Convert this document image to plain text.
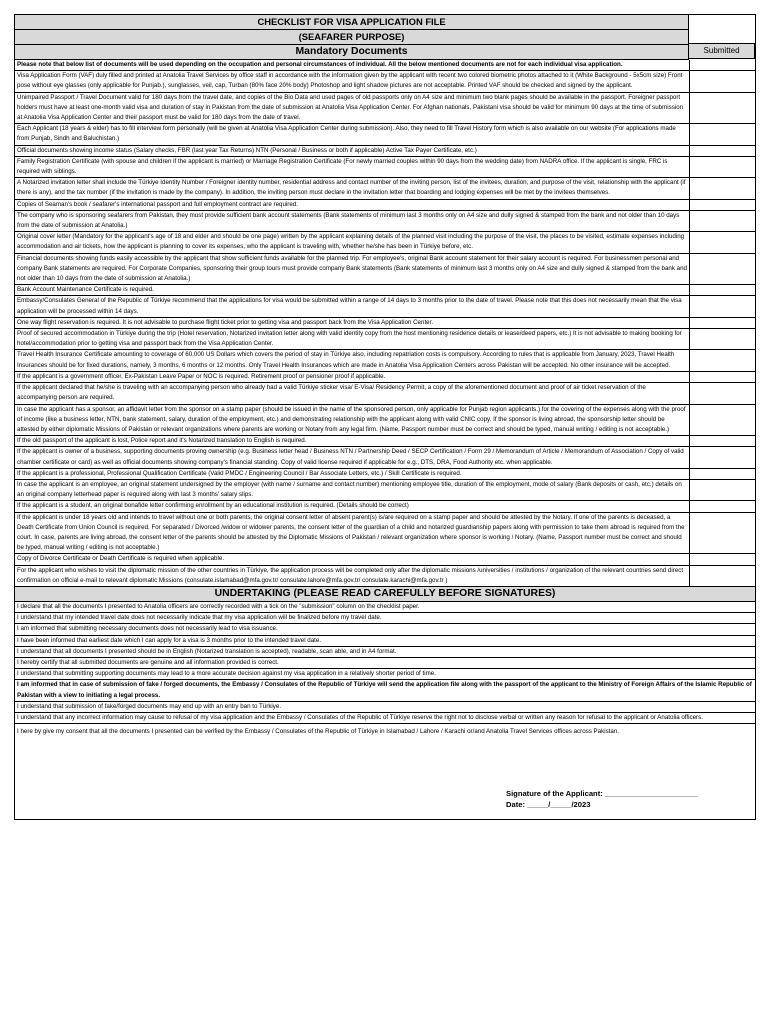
CHECKLIST FOR VISA APPLICATION FILE
(SEAFARER PURPOSE)
Mandatory Documents	Submitted
Please note that below list of documents will be used depending on the occupation and personal circumstances of individual. All the below mentioned documents are not for each individual visa application.
Visa Application Form (VAF) duly filled and printed at Anatolia Travel Services by office staff in accordance with the information given by the applicant with recent two colored biometric photos attached to it (White Background - 5x5cm size) Front pose without eye glasses (only applicable for Punjab.), sunglasses, veil, cap, Turban (80% face 20% body) Photoshop and light shadow pictures are not acceptable. Printed VAF should be checked and signed by the applicant.
Unimpaired Passport / Travel Document valid for 180 days from the travel date, and copies of the Bio Data and used pages of old passports only on A4 size and minimum two blank pages should be available in the passport. Foreigner passport holders must have at least one-month valid visa and duration of stay in Pakistan from the date of submission at Anatolia Visa Application Center. For Afghan nationals, Pakistani visa should be valid for minimum 90 days at the time of submission at Anatolia Visa Application Center and their passport must be valid for 180 days from the date of travel.
Each Applicant (18 years & elder) has to fill interview form personally (will be given at Anatolia Visa Application Center during submission). Also, they need to fill Travel History form which is also available on our website (For applications made from Punjab, Sindh and Baluchistan.)
Official documents showing income status (Salary checks, FBR (last year Tax Returns) NTN (Personal / Business or both if applicable) Active Tax Payer Certificate, etc.)
Family Registration Certificate (with spouse and children if the applicant is married) or Marriage Registration Certificate (For newly married couples within 90 days from the wedding date) from NADRA office. If the applicant is single, FRC is required with siblings.
A Notarized invitation letter shall include the Türkiye Identity Number / Foreigner identity number, residential address and contact number of the inviting person, list of the invitees, duration, and purpose of the visit, relationship with the applicant (if there is any), and the tax number (if the invitation is made by the company). In addition, the inviting person must declare in the invitation letter that boarding and lodging expenses will be met by the invitees themselves.
Copies of Seaman's book / seafarer's international passport and full employment contract are required.
The company who is sponsoring seafarers from Pakistan, they must provide sufficient bank account statements (Bank statements of minimum last 3 months only on A4 size and dully signed & stamped from the bank and not older than 10 days from the date of submission at Anatolia.)
Original cover letter (Mandatory for the applicant's age of 18 and elder and should be one page) written by the applicant explaining details of the planned visit including the purpose of the visit, the places to be visited, estimate expenses including accommodation and air tickets, how the applicant is planning to cover its expenses, who the applicant is traveling with, whether he/she has been in Türkiye before, etc.
Financial documents showing funds easily accessible by the applicant that show sufficient funds available for the planned trip. For employee's, original Bank account statement for their salary account is required. For businessmen personal and company Bank statements are required. For Corporate Companies, sponsoring their group tours must provide company Bank statements (Bank statements of minimum last 3 months only on A4 size and dully signed & stamped from the bank and not older than 10 days from the date of submission at Anatolia.)
Bank Account Maintenance Certificate is required.
Embassy/Consulates General of the Republic of Türkiye recommend that the applications for visa would be submitted within a range of 14 days to 3 months prior to the date of travel. Please note that this does not necessarily mean that the visa application will be processed within 14 days.
One way flight reservation is required. It is not advisable to purchase flight ticket prior to getting visa and passport back from the Visa Application Center.
Proof of secured accommodation in Türkiye during the trip (Hotel reservation, Notarized invitation letter along with valid identity copy from the host mentioning residence details or lease/deed papers, etc.) It is not advisable to making booking for hotel/accommodation prior to getting visa and passport back from the Visa Application Center.
Travel Health Insurance Certificate amounting to coverage of 60.000 US Dollars which covers the period of stay in Türkiye also, including repatriation costs is compulsory. According to rules that is applicable from January, 2023, Travel Health Insurances should be for fixed durations, namely, 3 months, 6 months or 12 months. Only Travel Health Insurances which are made in Anatolia Visa Application Centers across Pakistan will be accepted. No other insurance will be accepted.
If the applicant is a government officer, Ex-Pakistan Leave Paper or NOC is required. Retirement proof or pensioner proof if applicable.
If the applicant declared that he/she is traveling with an accompanying person who already had a valid Türkiye sticker visa/ E-Visa/ Residency Permit, a copy of the aforementioned document and proof of air ticket reservation of the accompanying person are required.
In case the applicant has a sponsor, an affidavit letter from the sponsor on a stamp paper (should be issued in the name of the sponsored person, only applicable for Punjab region applicants.) for the covering of the expenses along with the proof of income (like a business letter, NTN, bank statement, salary, duration of the employment, etc.) and demonstrating relationship with the applicant along with valid CNIC copy. If the sponsor is living abroad, the sponsorship letter should be attested by either diplomatic Missions of Pakistan or relevant organizations where parents are working or Notary from any legal firm. (Name, Passport number must be correct and should be typed, manual writing / editing is not acceptable.)
If the old passport of the applicant is lost, Police report and it's Notarized translation to English is required.
If the applicant is owner of a business, supporting documents proving ownership (e.g. Business letter head / Business NTN / Partnership Deed / SECP Certification / Form 29 / Memorandum of Article / Memorandum of Association / Copy of valid chamber certificate or card) as well as official documents showing company's financial standing. Copy of valid license required if applicable for e.g., DTS, DRA, Food Authority etc. when applicable.
If the applicant is a professional, Professional Qualification Certificate (Valid PMDC / Engineering Council / Bar Associate Letters, etc.) / Skill Certificate is required.
In case the applicant is an employee, an original statement undersigned by the employer (with name / surname and contact number) mentioning employee title, duration of the employment, mode of salary (Bank deposits or cash, etc.) details on an original company letterhead paper is required along with last 3 months' salary slips.
If the applicant is a student, an original bonafide letter confirming enrollment by an educational institution is required. (Details should be correct)
If the applicant is under 18 years old and intends to travel without one or both parents, the original consent letter of absent parent(s) is/are required on a stamp paper and should be attested by the Notary. If one of the parents is deceased, a Death Certificate from Union Council is required. For separated / Divorced /widow or widower parents, the consent letter of the guardian of a child and notarized guardianship papers along with permission to take them abroad is required from the court. In case, parents are living abroad, the consent letter of the parents should be attested by the Diplomatic Missions of Pakistan / relevant organization where sponsor is working / Notary. (Name, Passport number must be correct and should be typed, manual writing / editing is not acceptable.)
Copy of Divorce Certificate or Death Certificate is required when applicable.
For the applicant who wishes to visit the diplomatic mission of the other countries in Türkiye, the application process will be completed only after the diplomatic missions /universities / institutions / organization of the relevant countries send direct confirmation on official e-mail to relevant diplomatic Missions (consulate.islamabad@mfa.gov.tr/ consulate.lahore@mfa.gov.tr/ consulate.karachi@mfa.gov.tr )
UNDERTAKING (PLEASE READ CAREFULLY BEFORE SIGNATURES)
I declare that all the documents I presented to Anatolia officers are correctly recorded with a tick on the "submission" column on the checklist paper.
I understand that my intended travel date does not necessarily indicate that my visa application will be finalized before my travel date.
I am informed that submitting necessary documents does not necessarily lead to visa issuance.
I have been informed that earliest date which I can apply for a visa is 3 months prior to the intended travel date.
I understand that all documents I presented should be in English (Notarized translation is accepted), readable, scan able, and in A4 format.
I hereby certify that all submitted documents are genuine and all information provided is correct.
I understand that submitting supporting documents may lead to a more accurate decision against my visa application in a relatively shorter period of time.
I am informed that in case of submission of fake / forged documents, the Embassy / Consulates of the Republic of Türkiye will send the application file along with the passport of the applicant to the Ministry of Foreign Affairs of the Islamic Republic of Pakistan with a view to initiating a legal process.
I understand that submission of fake/forged documents may end up with an entry ban to Türkiye.
I understand that any incorrect information may cause to refusal of my visa application and the Embassy / Consulates of the Republic of Türkiye reserve the right not to disclose verbal or written any reason for refusal to the applicant or Anatolia officers.
I here by give my consent that all the documents I presented can be verified by the Embassy / Consulates of the Republic of Türkiye in Islamabad / Lahore / Karachi or/and Anatolia Travel Services offices across Pakistan.
Signature of the Applicant: ______________________
Date: _____/_____/2023
